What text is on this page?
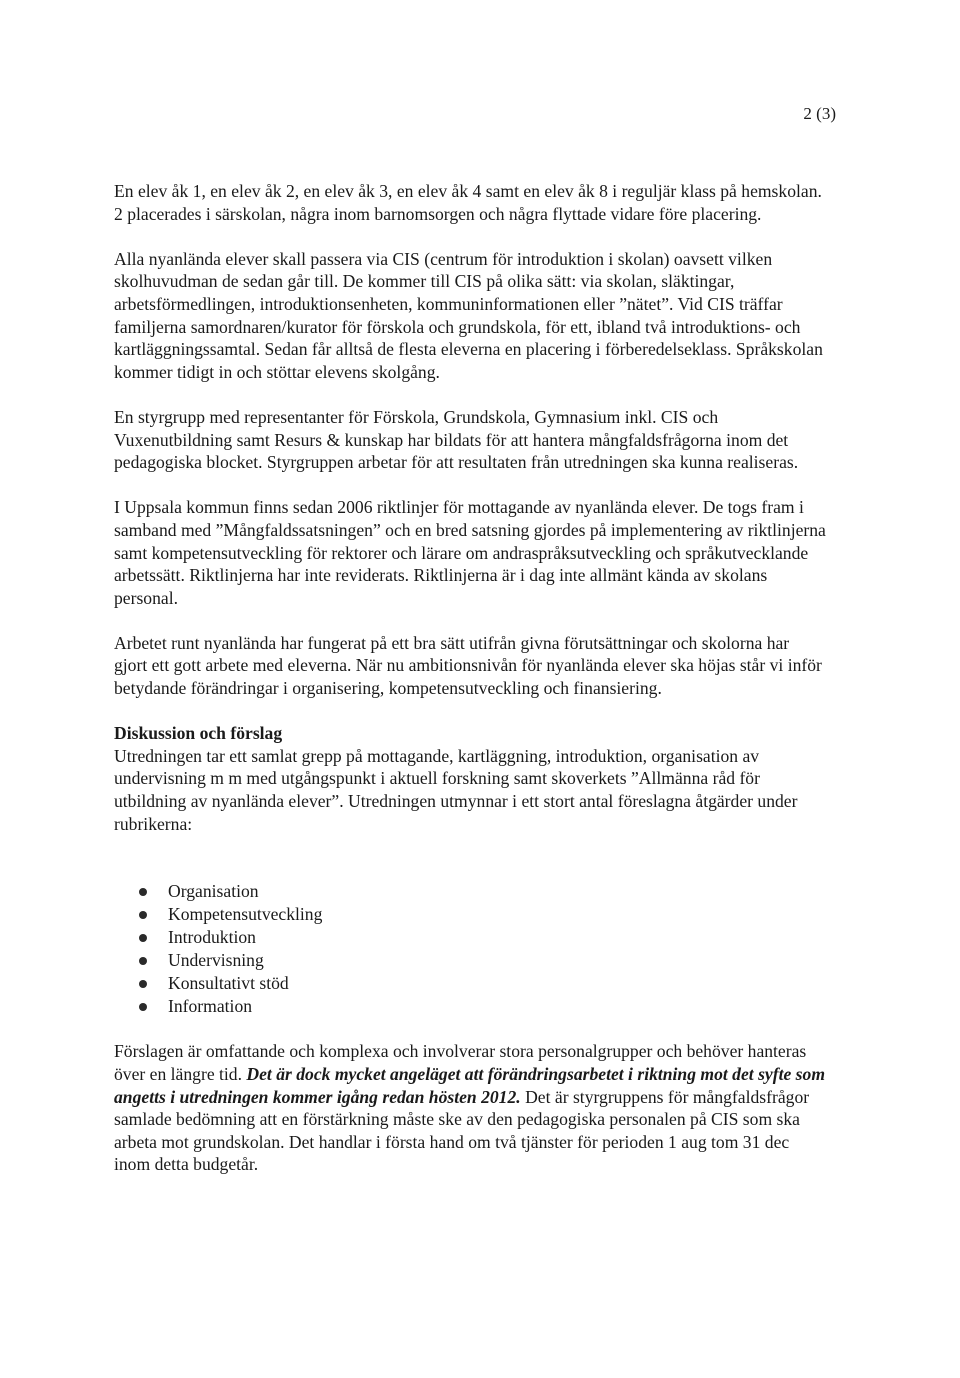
2 (3)

En elev åk 1, en elev åk 2, en elev åk 3, en elev åk 4 samt en elev åk 8 i reguljär klass på hemskolan. 2 placerades i särskolan, några inom barnomsorgen och några flyttade vidare före placering.

Alla nyanlända elever skall passera via CIS (centrum för introduktion i skolan) oavsett vilken skolhuvudman de sedan går till. De kommer till CIS på olika sätt: via skolan, släktingar, arbetsförmedlingen, introduktionsenheten, kommuninformationen eller ”nätet”. Vid CIS träffar familjerna samordnaren/kurator för förskola och grundskola, för ett, ibland två introduktions- och kartläggningssamtal. Sedan får alltså de flesta eleverna en placering i förberedelseklass. Språkskolan kommer tidigt in och stöttar elevens skolgång.

En styrgrupp med representanter för Förskola, Grundskola, Gymnasium inkl. CIS och Vuxenutbildning samt Resurs & kunskap har bildats för att hantera mångfaldsfrågorna inom det pedagogiska blocket. Styrgruppen arbetar för att resultaten från utredningen ska kunna realiseras.

I Uppsala kommun finns sedan 2006 riktlinjer för mottagande av nyanlända elever. De togs fram i samband med ”Mångfaldssatsningen” och en bred satsning gjordes på implementering av riktlinjerna samt kompetensutveckling för rektorer och lärare om andraspråksutveckling och språkutvecklande arbetssätt. Riktlinjerna har inte reviderats. Riktlinjerna är i dag inte allmänt kända av skolans personal.

Arbetet runt nyanlända har fungerat på ett bra sätt utifrån givna förutsättningar och skolorna har gjort ett gott arbete med eleverna. När nu ambitionsnivån för nyanlända elever ska höjas står vi inför betydande förändringar i organisering, kompetensutveckling och finansiering.

Diskussion och förslag

Utredningen tar ett samlat grepp på mottagande, kartläggning, introduktion, organisation av undervisning m m med utgångspunkt i aktuell forskning samt skoverkets ”Allmänna råd för utbildning av nyanlända elever”. Utredningen utmynnar i ett stort antal föreslagna åtgärder under rubrikerna:

Organisation
Kompetensutveckling
Introduktion
Undervisning
Konsultativt stöd
Information

Förslagen är omfattande och komplexa och involverar stora personalgrupper och behöver hanteras över en längre tid. Det är dock mycket angeläget att förändringsarbetet i riktning mot det syfte som angetts i utredningen kommer igång redan hösten 2012. Det är styrgruppens för mångfaldsfrågor samlade bedömning att en förstärkning måste ske av den pedagogiska personalen på CIS som ska arbeta mot grundskolan. Det handlar i första hand om två tjänster för perioden 1 aug tom 31 dec inom detta budgetår.
